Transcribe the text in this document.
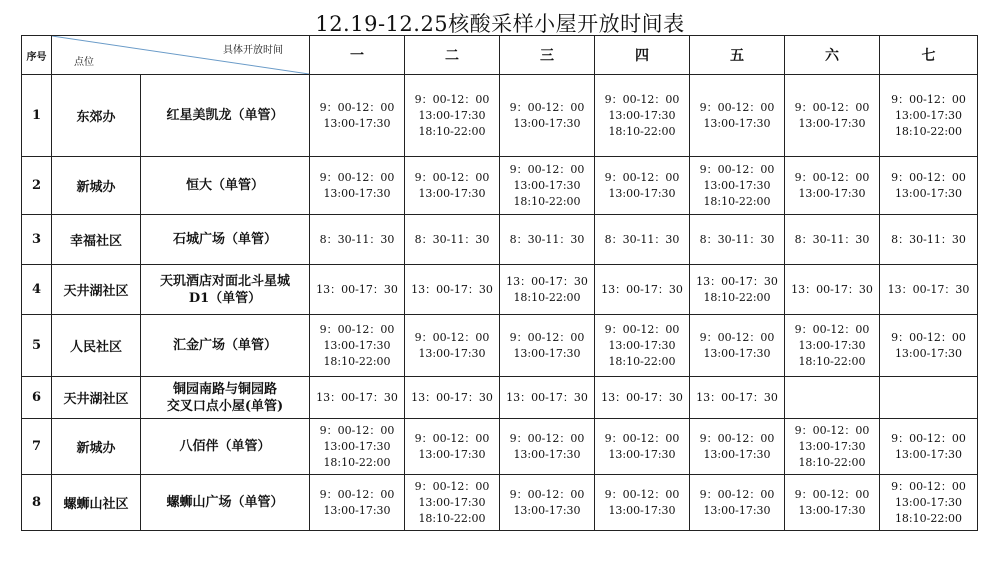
12.19-12.25核酸采样小屋开放时间表
序号	具体开放时间
点位		一	二	三	四	五	六	七
1	东郊办	红星美凯龙（单管）	9：00-12：00
13:00-17:30	9：00-12：00
13:00-17:30
18:10-22:00	9：00-12：00
13:00-17:30	9：00-12：00
13:00-17:30
18:10-22:00	9：00-12：00
13:00-17:30	9：00-12：00
13:00-17:30	9：00-12：00
13:00-17:30
18:10-22:00

2	新城办	恒大（单管）	9：00-12：00
13:00-17:30	9：00-12：00
13:00-17:30	9：00-12：00
13:00-17:30
18:10-22:00	9：00-12：00
13:00-17:30	9：00-12：00
13:00-17:30
18:10-22:00	9：00-12：00
13:00-17:30	9：00-12：00
13:00-17:30

3	幸福社区	石城广场（单管）	8：30-11：30	8：30-11：30	8：30-11：30	8：30-11：30	8：30-11：30	8：30-11：30	8：30-11：30

4	天井湖社区	天玑酒店对面北斗星城
D1（单管）	13：00-17：30	13：00-17：30	13：00-17：30
18:10-22:00	13：00-17：30	13：00-17：30
18:10-22:00	13：00-17：30	13：00-17：30

5	人民社区	汇金广场（单管）	9：00-12：00
13:00-17:30
18:10-22:00	9：00-12：00
13:00-17:30	9：00-12：00
13:00-17:30	9：00-12：00
13:00-17:30
18:10-22:00	9：00-12：00
13:00-17:30	9：00-12：00
13:00-17:30
18:10-22:00	9：00-12：00
13:00-17:30

6	天井湖社区	铜园南路与铜园路
交叉口点小屋(单管)	13：00-17：30	13：00-17：30	13：00-17：30	13：00-17：30	13：00-17：30		

7	新城办	八佰伴（单管）	9：00-12：00
13:00-17:30
18:10-22:00	9：00-12：00
13:00-17:30	9：00-12：00
13:00-17:30	9：00-12：00
13:00-17:30	9：00-12：00
13:00-17:30	9：00-12：00
13:00-17:30
18:10-22:00	9：00-12：00
13:00-17:30

8	螺蛳山社区	螺蛳山广场（单管）	9：00-12：00
13:00-17:30	9：00-12：00
13:00-17:30
18:10-22:00	9：00-12：00
13:00-17:30	9：00-12：00
13:00-17:30	9：00-12：00
13:00-17:30	9：00-12：00
13:00-17:30	9：00-12：00
13:00-17:30
18:10-22:00
